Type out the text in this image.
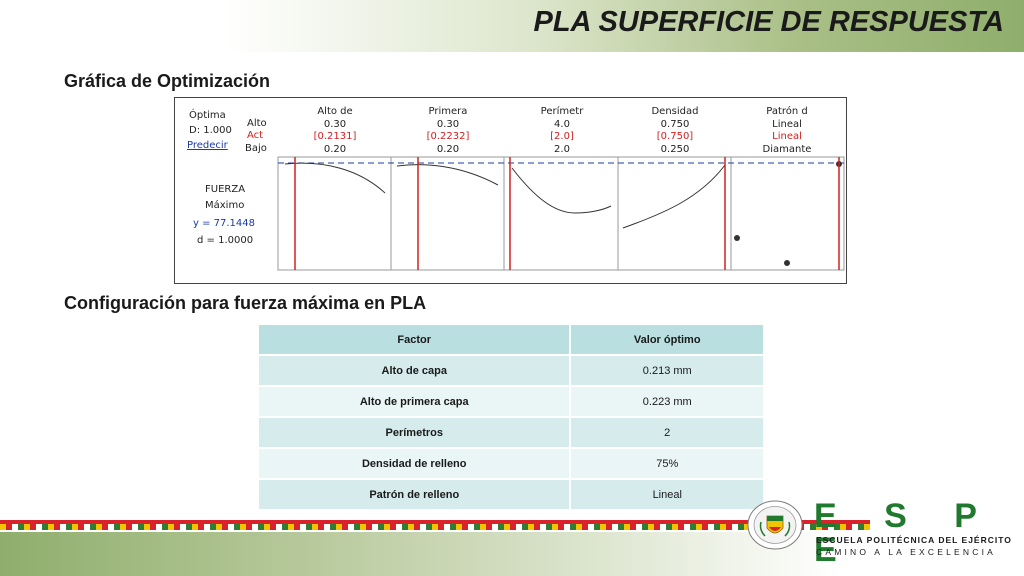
PLA SUPERFICIE DE RESPUESTA
Gráfica de Optimización
Óptima
D: 1.000
Predecir
Alto
Act
Bajo
FUERZA
Máximo
y = 77.1448
d = 1.0000
Alto de
0.30
[0.2131]
0.20
Primera
0.30
[0.2232]
0.20
Perímetr
4.0
[2.0]
2.0
Densidad
0.750
[0.750]
0.250
Patrón d
Lineal
Lineal
Diamante
Configuración para fuerza máxima en PLA
Factor	Valor óptimo
Alto de capa	0.213 mm
Alto de primera capa	0.223 mm
Perímetros	2
Densidad de relleno	75%
Patrón de relleno	Lineal
E S P E
ESCUELA POLITÉCNICA DEL EJÉRCITO
CAMINO A LA EXCELENCIA
